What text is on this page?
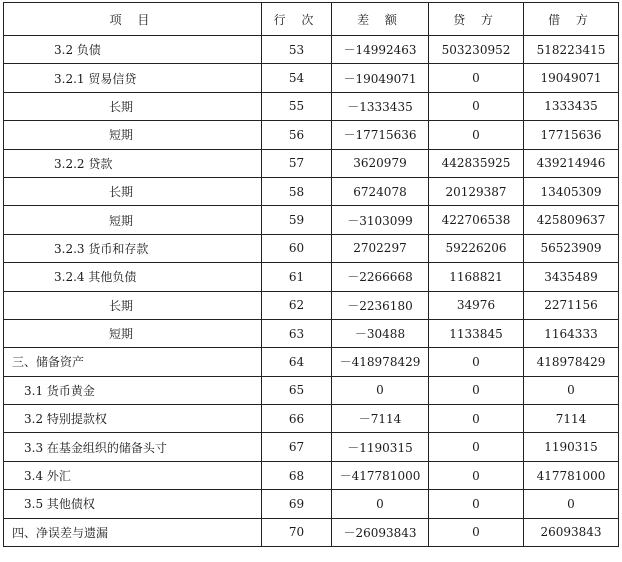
项 目	行 次	差 额	贷 方	借 方
3.2 负债	53	－14992463	503230952	518223415
3.2.1 贸易信贷	54	－19049071	0	19049071
长期	55	－1333435	0	1333435
短期	56	－17715636	0	17715636
3.2.2 贷款	57	3620979	442835925	439214946
长期	58	6724078	20129387	13405309
短期	59	－3103099	422706538	425809637
3.2.3 货币和存款	60	2702297	59226206	56523909
3.2.4 其他负债	61	－2266668	1168821	3435489
长期	62	－2236180	34976	2271156
短期	63	－30488	1133845	1164333
三、储备资产	64	－418978429	0	418978429
3.1 货币黄金	65	0	0	0
3.2 特别提款权	66	－7114	0	7114
3.3 在基金组织的储备头寸	67	－1190315	0	1190315
3.4 外汇	68	－417781000	0	417781000
3.5 其他债权	69	0	0	0
四、净误差与遗漏	70	－26093843	0	26093843
